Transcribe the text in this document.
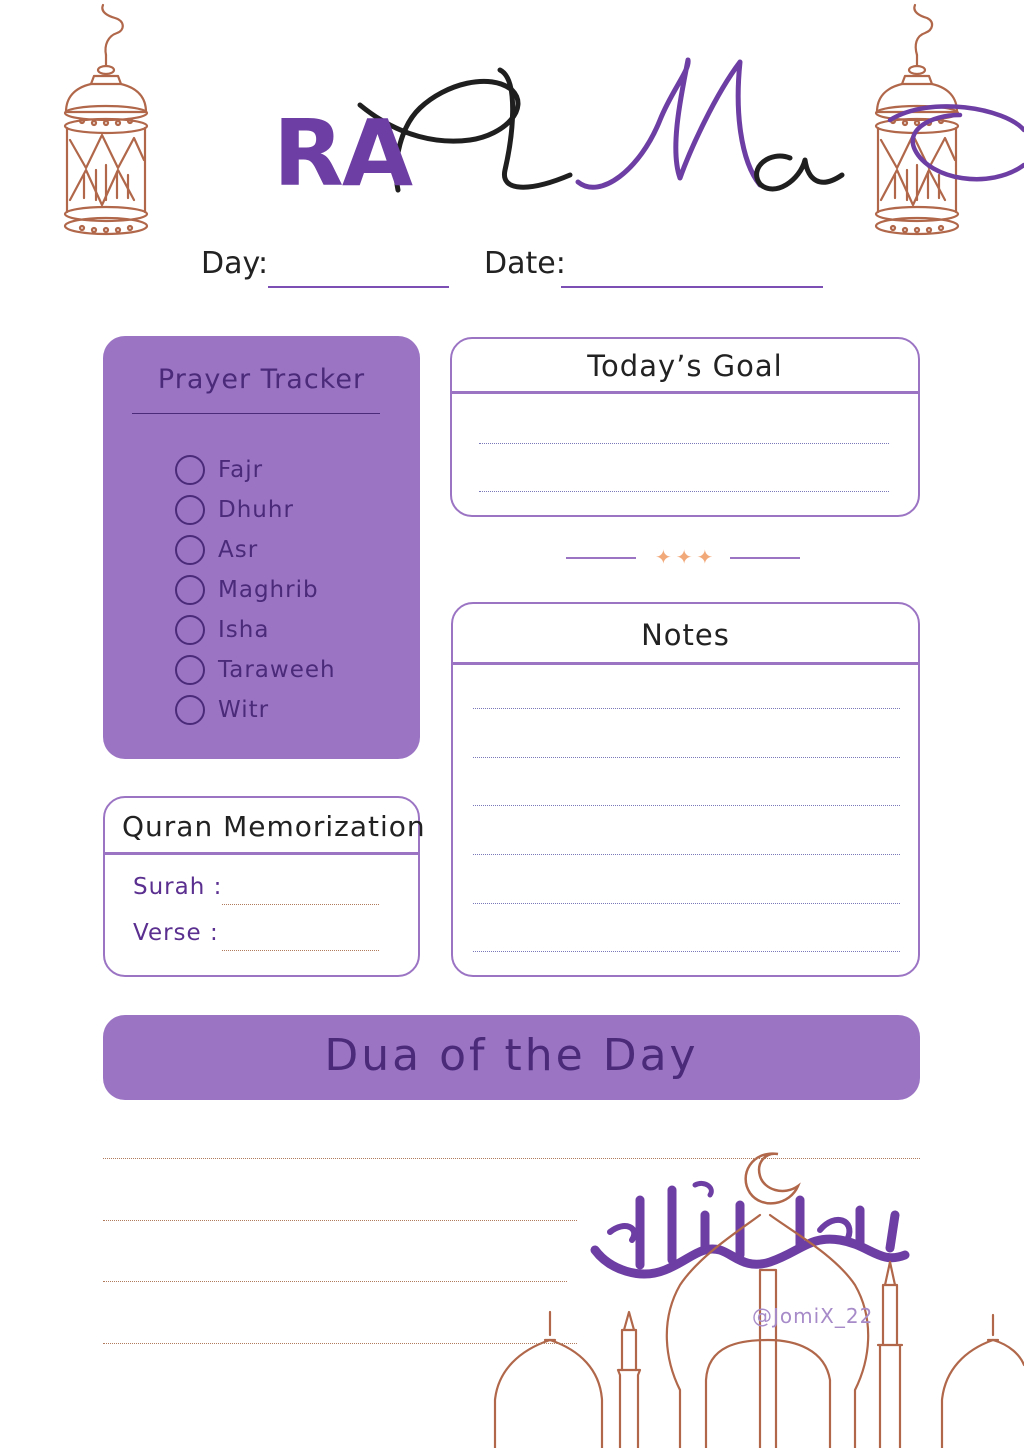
RA
Day:	Date:
Prayer Tracker
Fajr
Dhuhr
Asr
Maghrib
Isha
Taraweeh
Witr
Today’s Goal
✦✦✦
Notes
Quran Memorization
Surah :
Verse :
Dua of the Day
@JomiX_22
